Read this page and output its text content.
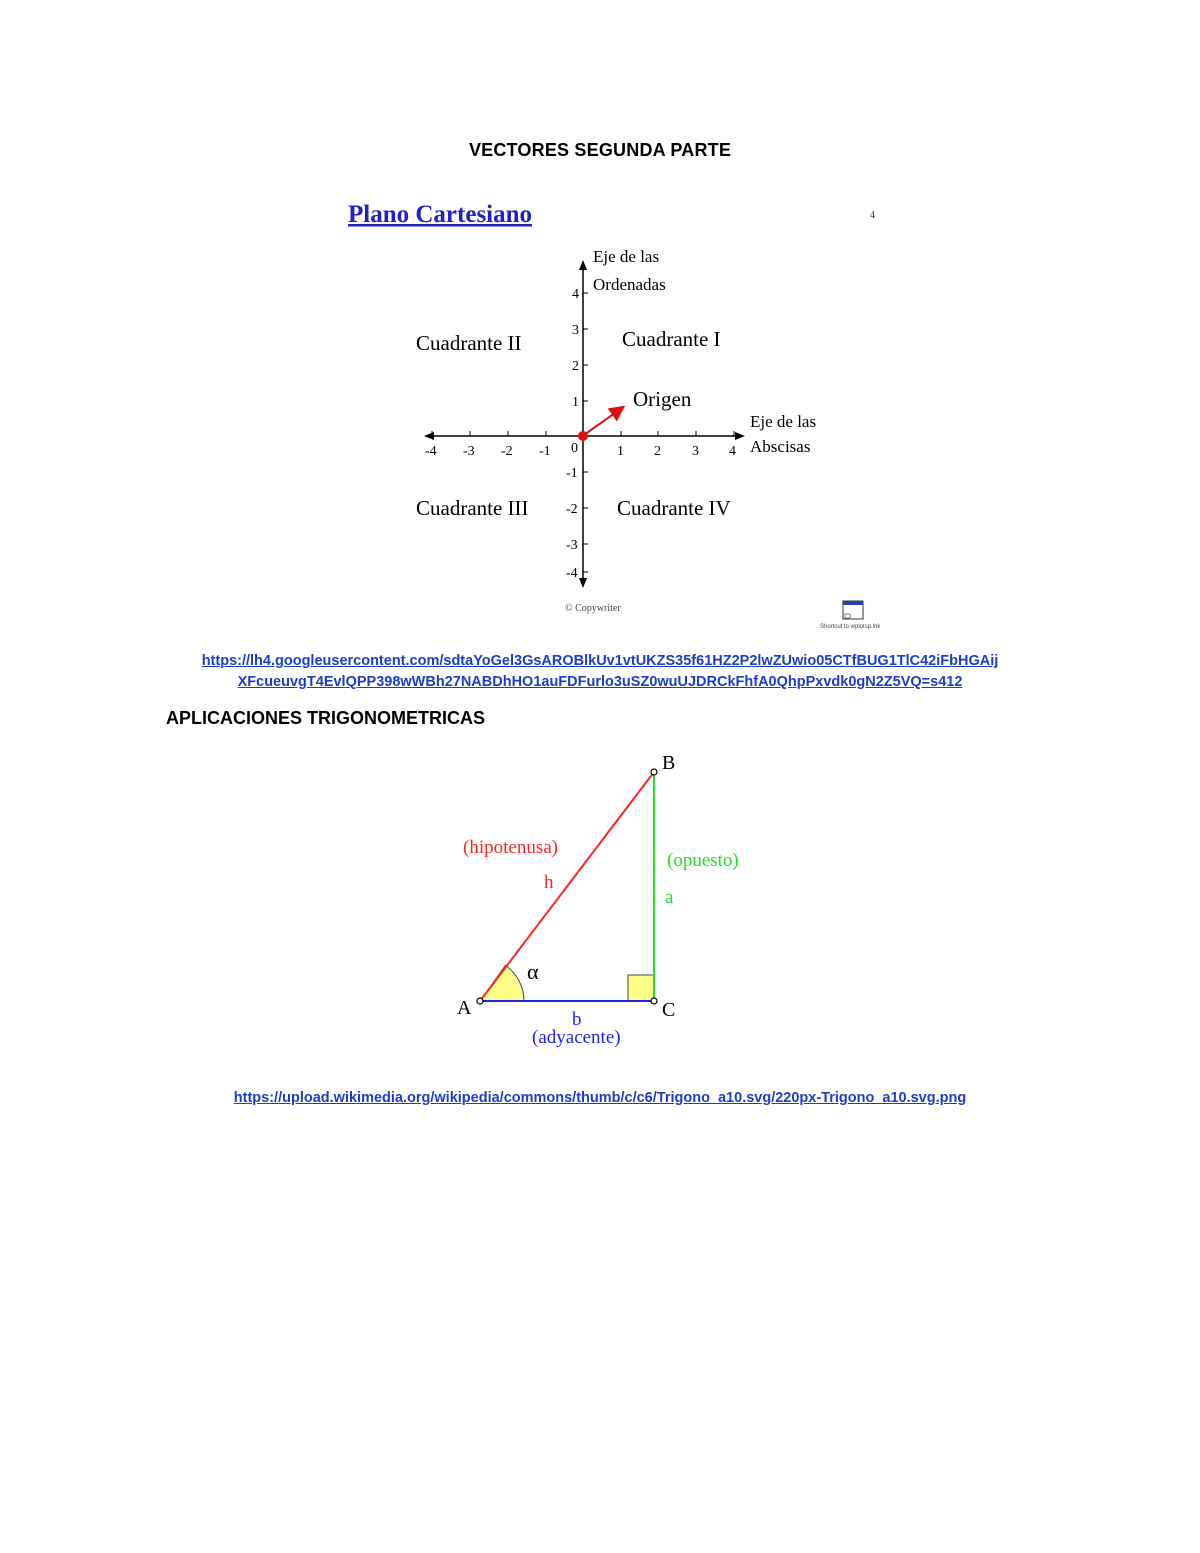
VECTORES SEGUNDA PARTE
Plano Cartesiano	4
-4 -3 -2 -1 0	1 2 3 4
4
3
2
1
-1
-2
-3
-4
Eje de las
Ordenadas
Eje de las
Abscisas
Cuadrante II	Cuadrante I
Cuadrante III	Cuadrante IV
Origen
© Copywriter
Shortcut to wplotsp.lnk
https://lh4.googleusercontent.com/sdtaYoGel3GsAROBlkUv1vtUKZS35f61HZ2P2lwZUwio05CTfBUG1TlC42iFbHGAij
XFcueuvgT4EvlQPP398wWBh27NABDhHO1auFDFurlo3uSZ0wuUJDRCkFhfA0QhpPxvdk0gN2Z5VQ=s412
APLICACIONES TRIGONOMETRICAS
A
B
C
(hipotenusa)
h
(opuesto)
a
b
(adyacente)
α
https://upload.wikimedia.org/wikipedia/commons/thumb/c/c6/Trigono_a10.svg/220px-Trigono_a10.svg.png
